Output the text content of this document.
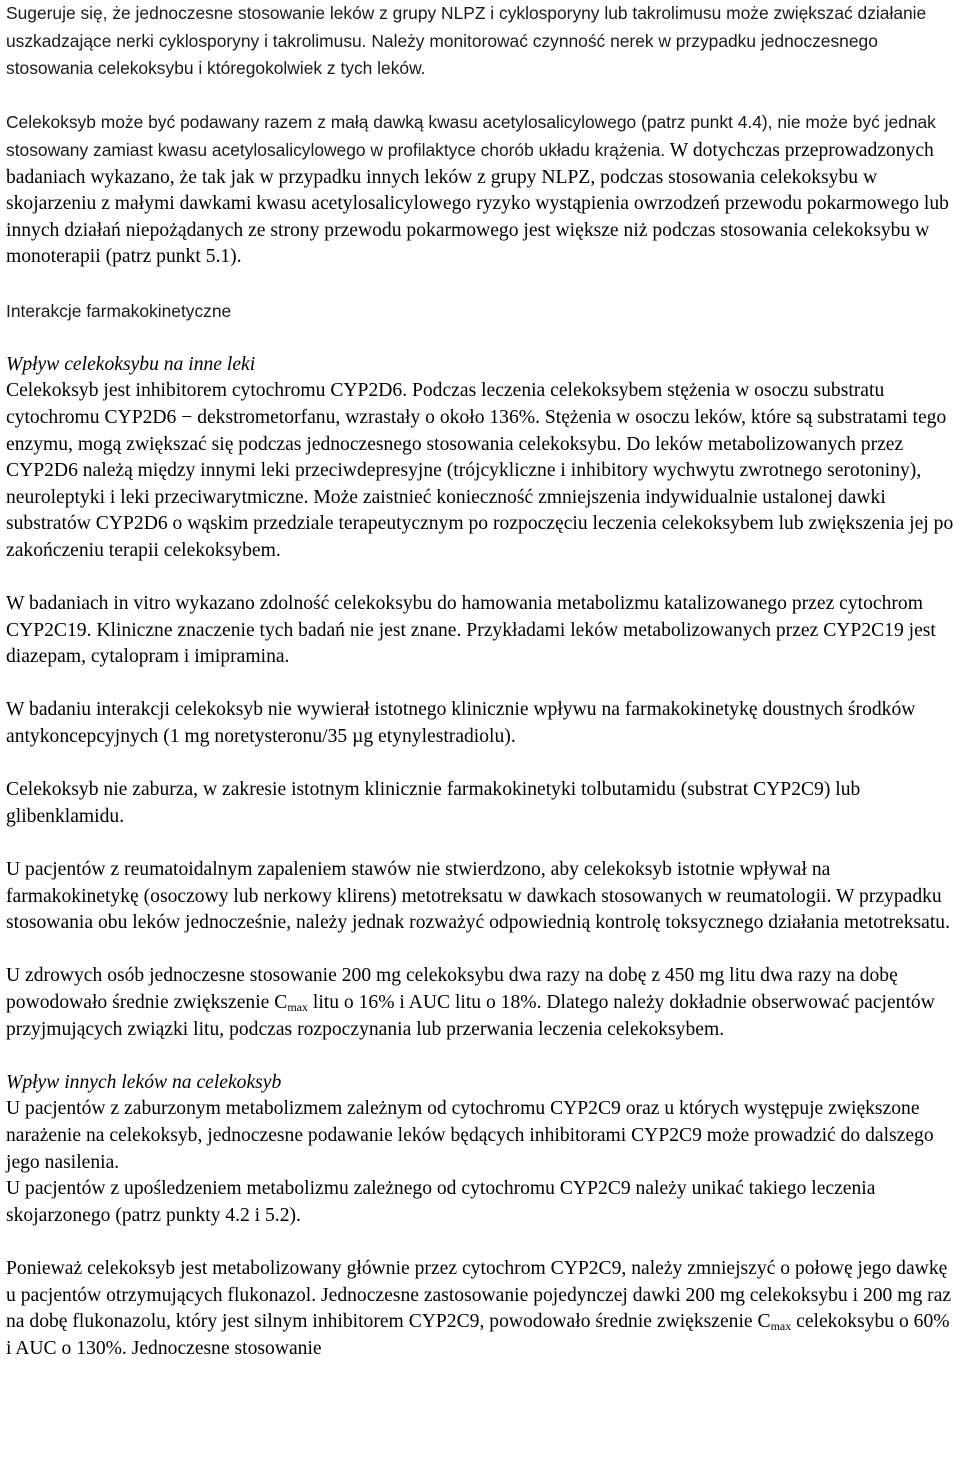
Sugeruje się, że jednoczesne stosowanie leków z grupy NLPZ i cyklosporyny lub takrolimusu może zwiększać działanie uszkadzające nerki cyklosporyny i takrolimusu. Należy monitorować czynność nerek w przypadku jednoczesnego stosowania celekoksybu i któregokolwiek z tych leków.

Celekoksyb może być podawany razem z małą dawką kwasu acetylosalicylowego (patrz punkt 4.4), nie może być jednak stosowany zamiast kwasu acetylosalicylowego w profilaktyce chorób układu krążenia. W dotychczas przeprowadzonych badaniach wykazano, że tak jak w przypadku innych leków z grupy NLPZ, podczas stosowania celekoksybu w skojarzeniu z małymi dawkami kwasu acetylosalicylowego ryzyko wystąpienia owrzodzeń przewodu pokarmowego lub innych działań niepożądanych ze strony przewodu pokarmowego jest większe niż podczas stosowania celekoksybu w monoterapii (patrz punkt 5.1).

Interakcje farmakokinetyczne

Wpływ celekoksybu na inne leki

Celekoksyb jest inhibitorem cytochromu CYP2D6. Podczas leczenia celekoksybem stężenia w osoczu substratu cytochromu CYP2D6 − dekstrometorfanu, wzrastały o około 136%. Stężenia w osoczu leków, które są substratami tego enzymu, mogą zwiększać się podczas jednoczesnego stosowania celekoksybu. Do leków metabolizowanych przez CYP2D6 należą między innymi leki przeciwdepresyjne (trójcykliczne i inhibitory wychwytu zwrotnego serotoniny), neuroleptyki i leki przeciwarytmiczne. Może zaistnieć konieczność zmniejszenia indywidualnie ustalonej dawki substratów CYP2D6 o wąskim przedziale terapeutycznym po rozpoczęciu leczenia celekoksybem lub zwiększenia jej po zakończeniu terapii celekoksybem.

W badaniach in vitro wykazano zdolność celekoksybu do hamowania metabolizmu katalizowanego przez cytochrom CYP2C19. Kliniczne znaczenie tych badań nie jest znane. Przykładami leków metabolizowanych przez CYP2C19 jest diazepam, cytalopram i imipramina.

W badaniu interakcji celekoksyb nie wywierał istotnego klinicznie wpływu na farmakokinetykę doustnych środków antykoncepcyjnych (1 mg noretysteronu/35 µg etynylestradiolu).

Celekoksyb nie zaburza, w zakresie istotnym klinicznie farmakokinetyki tolbutamidu (substrat CYP2C9) lub glibenklamidu.

U pacjentów z reumatoidalnym zapaleniem stawów nie stwierdzono, aby celekoksyb istotnie wpływał na farmakokinetykę (osoczowy lub nerkowy klirens) metotreksatu w dawkach stosowanych w reumatologii. W przypadku stosowania obu leków jednocześnie, należy jednak rozważyć odpowiednią kontrolę toksycznego działania metotreksatu.

U zdrowych osób jednoczesne stosowanie 200 mg celekoksybu dwa razy na dobę z 450 mg litu dwa razy na dobę powodowało średnie zwiększenie $C_{max}$ litu o 16% i AUC litu o 18%. Dlatego należy dokładnie obserwować pacjentów przyjmujących związki litu, podczas rozpoczynania lub przerwania leczenia celekoksybem.

Wpływ innych leków na celekoksyb

U pacjentów z zaburzonym metabolizmem zależnym od cytochromu CYP2C9 oraz u których występuje zwiększone narażenie na celekoksyb, jednoczesne podawanie leków będących inhibitorami CYP2C9 może prowadzić do dalszego jego nasilenia.

U pacjentów z upośledzeniem metabolizmu zależnego od cytochromu CYP2C9 należy unikać takiego leczenia skojarzonego (patrz punkty 4.2 i 5.2).

Ponieważ celekoksyb jest metabolizowany głównie przez cytochrom CYP2C9, należy zmniejszyć o połowę jego dawkę u pacjentów otrzymujących flukonazol. Jednoczesne zastosowanie pojedynczej dawki 200 mg celekoksybu i 200 mg raz na dobę flukonazolu, który jest silnym inhibitorem CYP2C9, powodowało średnie zwiększenie $C_{max}$ celekoksybu o 60% i AUC o 130%. Jednoczesne stosowanie
